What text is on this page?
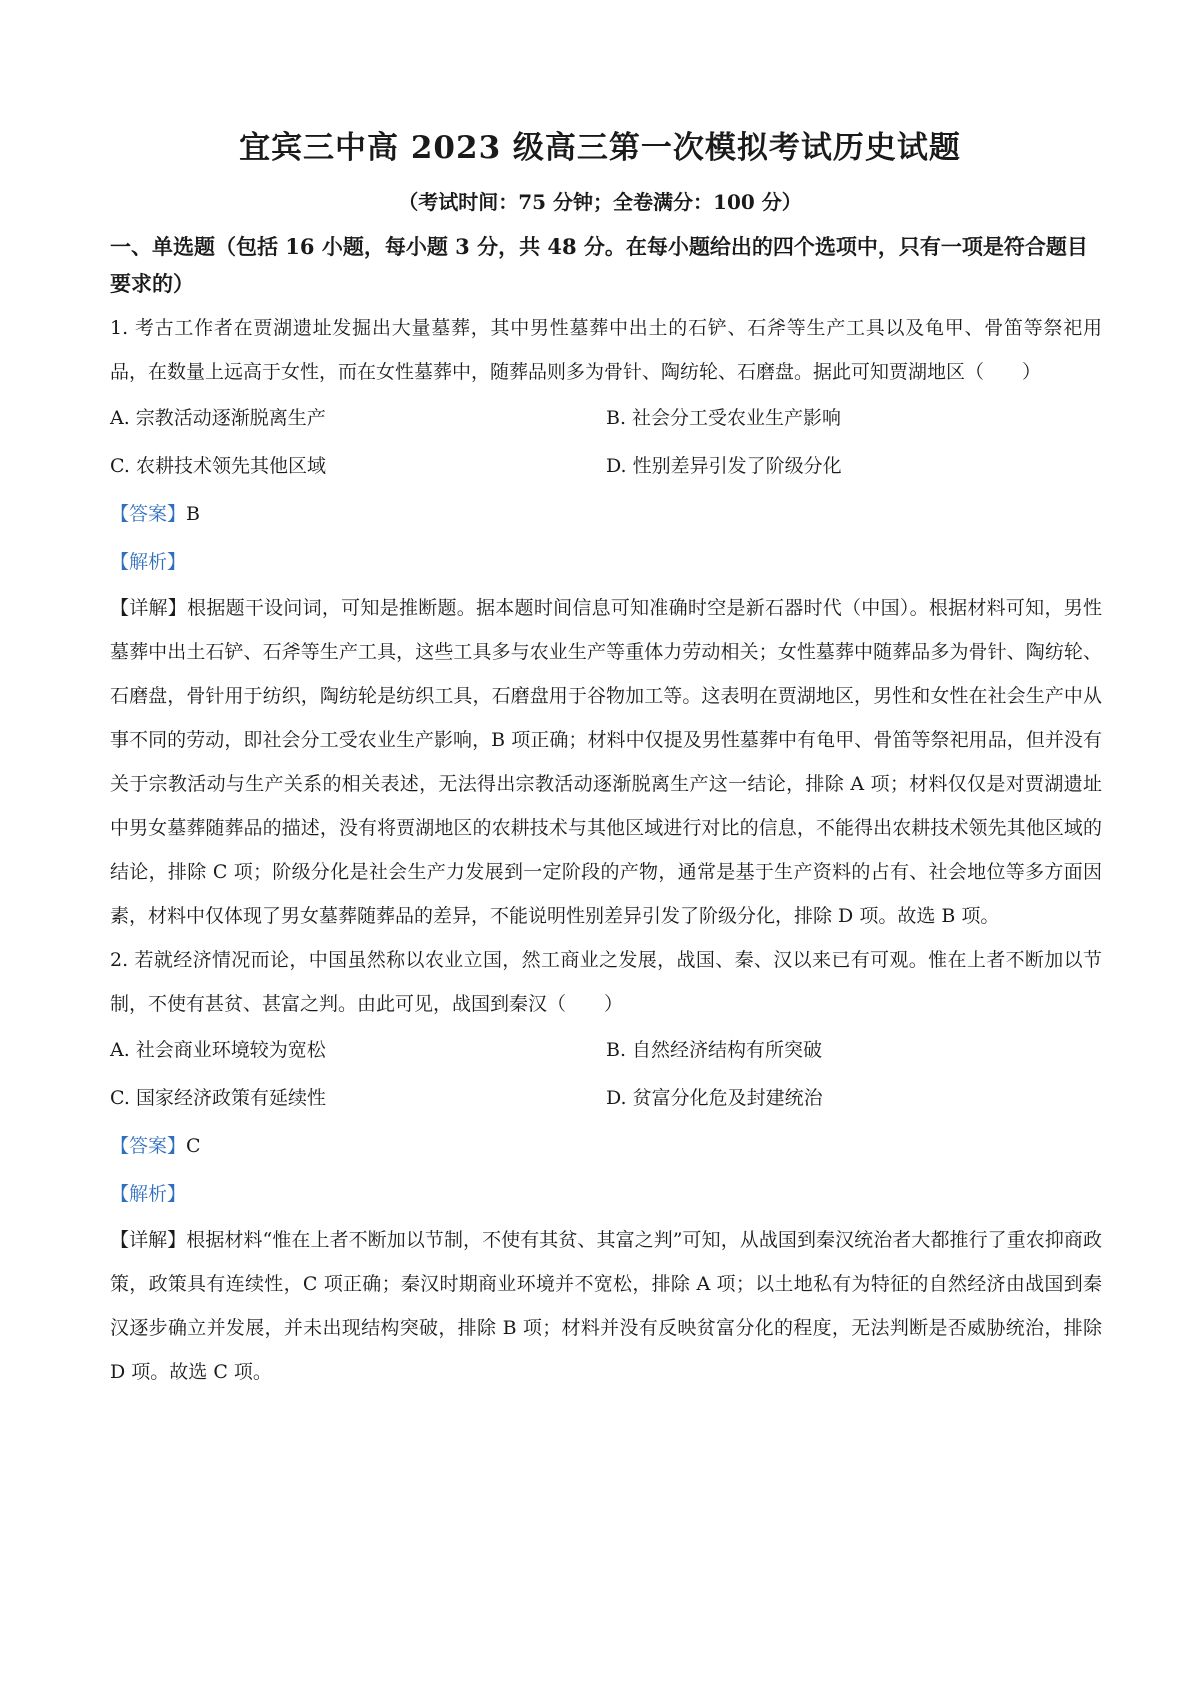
宜宾三中高 2023 级高三第一次模拟考试历史试题
（考试时间：75 分钟；全卷满分：100 分）
一、单选题（包括 16 小题，每小题 3 分，共 48 分。在每小题给出的四个选项中，只有一项是符合题目要求的）
1. 考古工作者在贾湖遗址发掘出大量墓葬，其中男性墓葬中出土的石铲、石斧等生产工具以及龟甲、骨笛等祭祀用品，在数量上远高于女性，而在女性墓葬中，随葬品则多为骨针、陶纺轮、石磨盘。据此可知贾湖地区（　　）
A. 宗教活动逐渐脱离生产	B. 社会分工受农业生产影响
C. 农耕技术领先其他区域	D. 性别差异引发了阶级分化
【答案】B
【解析】
【详解】根据题干设问词，可知是推断题。据本题时间信息可知准确时空是新石器时代（中国）。根据材料可知，男性墓葬中出土石铲、石斧等生产工具，这些工具多与农业生产等重体力劳动相关；女性墓葬中随葬品多为骨针、陶纺轮、石磨盘，骨针用于纺织，陶纺轮是纺织工具，石磨盘用于谷物加工等。这表明在贾湖地区，男性和女性在社会生产中从事不同的劳动，即社会分工受农业生产影响，B 项正确；材料中仅提及男性墓葬中有龟甲、骨笛等祭祀用品，但并没有关于宗教活动与生产关系的相关表述，无法得出宗教活动逐渐脱离生产这一结论，排除 A 项；材料仅仅是对贾湖遗址中男女墓葬随葬品的描述，没有将贾湖地区的农耕技术与其他区域进行对比的信息，不能得出农耕技术领先其他区域的结论，排除 C 项；阶级分化是社会生产力发展到一定阶段的产物，通常是基于生产资料的占有、社会地位等多方面因素，材料中仅体现了男女墓葬随葬品的差异，不能说明性别差异引发了阶级分化，排除 D 项。故选 B 项。
2. 若就经济情况而论，中国虽然称以农业立国，然工商业之发展，战国、秦、汉以来已有可观。惟在上者不断加以节制，不使有甚贫、甚富之判。由此可见，战国到秦汉（　　）
A. 社会商业环境较为宽松	B. 自然经济结构有所突破
C. 国家经济政策有延续性	D. 贫富分化危及封建统治
【答案】C
【解析】
【详解】根据材料“惟在上者不断加以节制，不使有其贫、其富之判”可知，从战国到秦汉统治者大都推行了重农抑商政策，政策具有连续性，C 项正确；秦汉时期商业环境并不宽松，排除 A 项；以土地私有为特征的自然经济由战国到秦汉逐步确立并发展，并未出现结构突破，排除 B 项；材料并没有反映贫富分化的程度，无法判断是否威胁统治，排除 D 项。故选 C 项。
